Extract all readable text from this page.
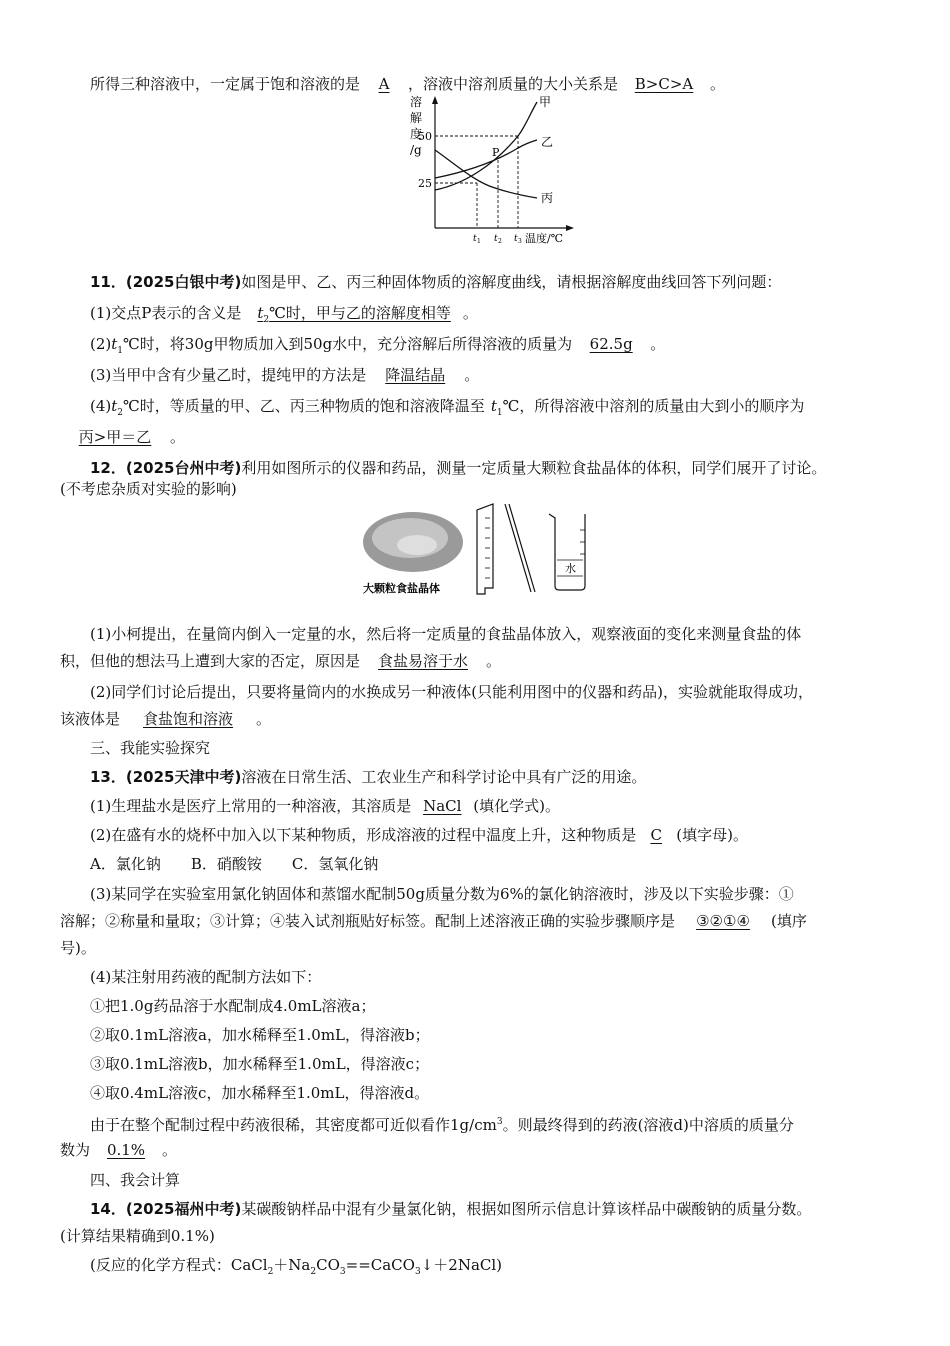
所得三种溶液中，一定属于饱和溶液的是 A ，溶液中溶剂质量的大小关系是 B>C>A 。
溶
解
度
/g
50
25
P
甲
乙
丙
t 1 t 2 t 3 温度/℃
11．(2025白银中考)如图是甲、乙、丙三种固体物质的溶解度曲线，请根据溶解度曲线回答下列问题：
(1)交点P表示的含义是 $t_2℃$时，甲与乙的溶解度相等 。
$(2)t_1℃$时，将30g甲物质加入到50g水中，充分溶解后所得溶液的质量为 62.5g 。
(3)当甲中含有少量乙时，提纯甲的方法是 降温结晶 。
$(4)t_2℃$时，等质量的甲、乙、丙三种物质的饱和溶液降温至 $t_1℃$，所得溶液中溶剂的质量由大到小的顺序为
丙>甲＝乙 。
12．(2025台州中考)利用如图所示的仪器和药品，测量一定质量大颗粒食盐晶体的体积，同学们展开了讨论。
(不考虑杂质对实验的影响)
大颗粒食盐晶体
水
(1)小柯提出，在量筒内倒入一定量的水，然后将一定质量的食盐晶体放入，观察液面的变化来测量食盐的体
积，但他的想法马上遭到大家的否定，原因是 食盐易溶于水 。
(2)同学们讨论后提出，只要将量筒内的水换成另一种液体(只能利用图中的仪器和药品)，实验就能取得成功，
该液体是 食盐饱和溶液 。
三、我能实验探究
13．(2025天津中考)溶液在日常生活、工农业生产和科学讨论中具有广泛的用途。
(1)生理盐水是医疗上常用的一种溶液，其溶质是 NaCl (填化学式)。
(2)在盛有水的烧杯中加入以下某种物质，形成溶液的过程中温度上升，这种物质是 C (填字母)。
A．氯化钠　　B．硝酸铵　　C．氢氧化钠
(3)某同学在实验室用氯化钠固体和蒸馏水配制50g质量分数为6%的氯化钠溶液时，涉及以下实验步骤：①
溶解；②称量和量取；③计算；④装入试剂瓶贴好标签。配制上述溶液正确的实验步骤顺序是 ③②①④ (填序
号)。
(4)某注射用药液的配制方法如下：
①把1.0g药品溶于水配制成4.0mL溶液a；
②取0.1mL溶液a，加水稀释至1.0mL，得溶液b；
③取0.1mL溶液b，加水稀释至1.0mL，得溶液c；
④取0.4mL溶液c，加水稀释至1.0mL，得溶液d。
由于在整个配制过程中药液很稀，其密度都可近似看作$1g/cm^3$。则最终得到的药液(溶液d)中溶质的质量分
数为 0.1% 。
四、我会计算
14．(2025福州中考)某碳酸钠样品中混有少量氯化钠，根据如图所示信息计算该样品中碳酸钠的质量分数。
(计算结果精确到0.1%)
(反应的化学方程式：$CaCl_2+Na_2CO_3==CaCO_3↓+2NaCl$)
